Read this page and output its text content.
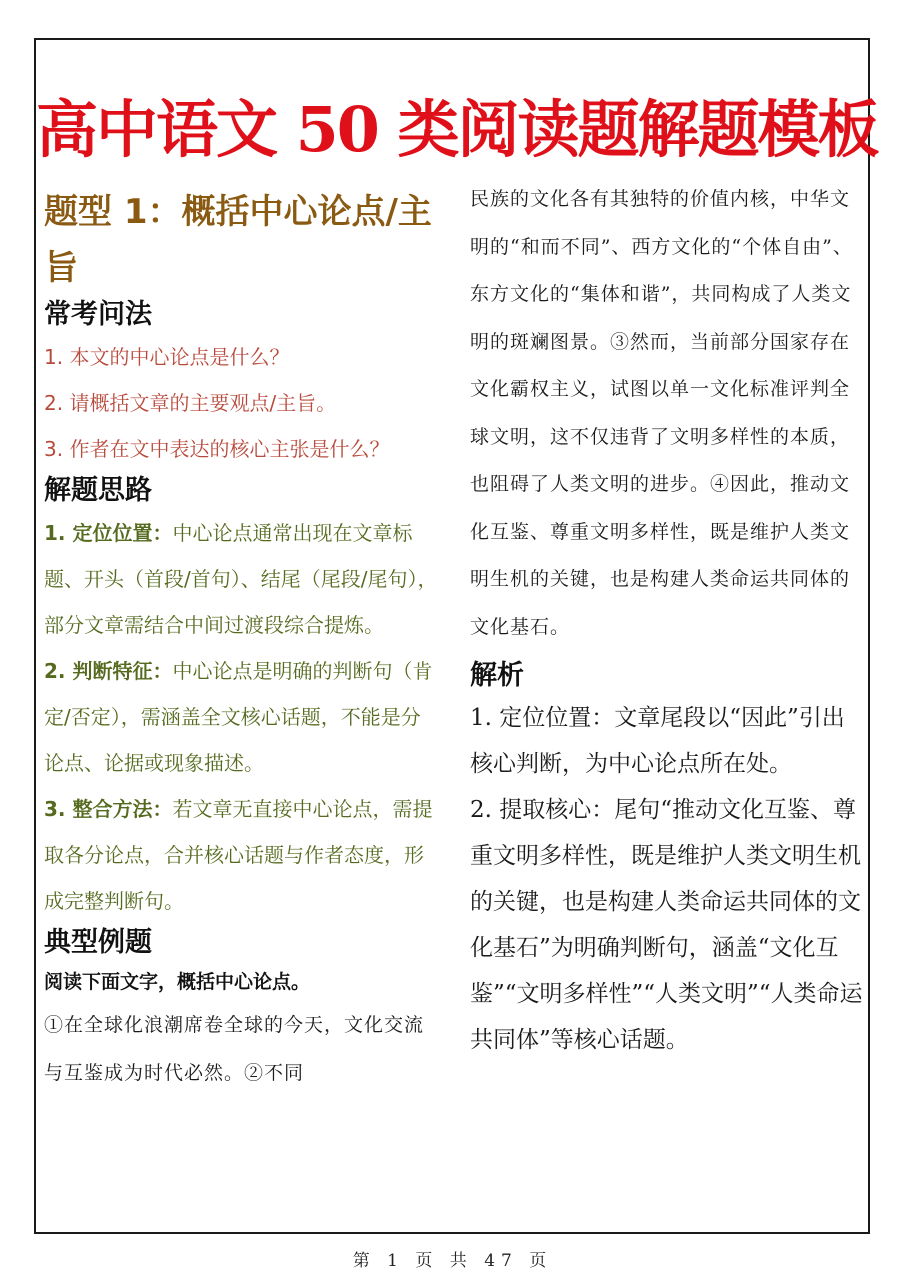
高中语文 50 类阅读题解题模板
题型 1：概括中心论点/主旨
常考问法

1. 本文的中心论点是什么？

2. 请概括文章的主要观点/主旨。

3. 作者在文中表达的核心主张是什么？

解题思路

1. 定位位置：中心论点通常出现在文章标题、开头（首段/首句）、结尾（尾段/尾句），部分文章需结合中间过渡段综合提炼。

2. 判断特征：中心论点是明确的判断句（肯定/否定），需涵盖全文核心话题，不能是分论点、论据或现象描述。

3. 整合方法：若文章无直接中心论点，需提取各分论点，合并核心话题与作者态度，形成完整判断句。

典型例题

阅读下面文字，概括中心论点。

①在全球化浪潮席卷全球的今天，文化交流与互鉴成为时代必然。②不同

民族的文化各有其独特的价值内核，中华文明的“和而不同”、西方文化的“个体自由”、东方文化的“集体和谐”，共同构成了人类文明的斑斓图景。③然而，当前部分国家存在文化霸权主义，试图以单一文化标准评判全球文明，这不仅违背了文明多样性的本质，也阻碍了人类文明的进步。④因此，推动文化互鉴、尊重文明多样性，既是维护人类文明生机的关键，也是构建人类命运共同体的文化基石。

解析

1. 定位位置：文章尾段以“因此”引出核心判断，为中心论点所在处。

2. 提取核心：尾句“推动文化互鉴、尊重文明多样性，既是维护人类文明生机的关键，也是构建人类命运共同体的文化基石”为明确判断句，涵盖“文化互鉴”“文明多样性”“人类文明”“人类命运共同体”等核心话题。

第 1 页 共 47 页
